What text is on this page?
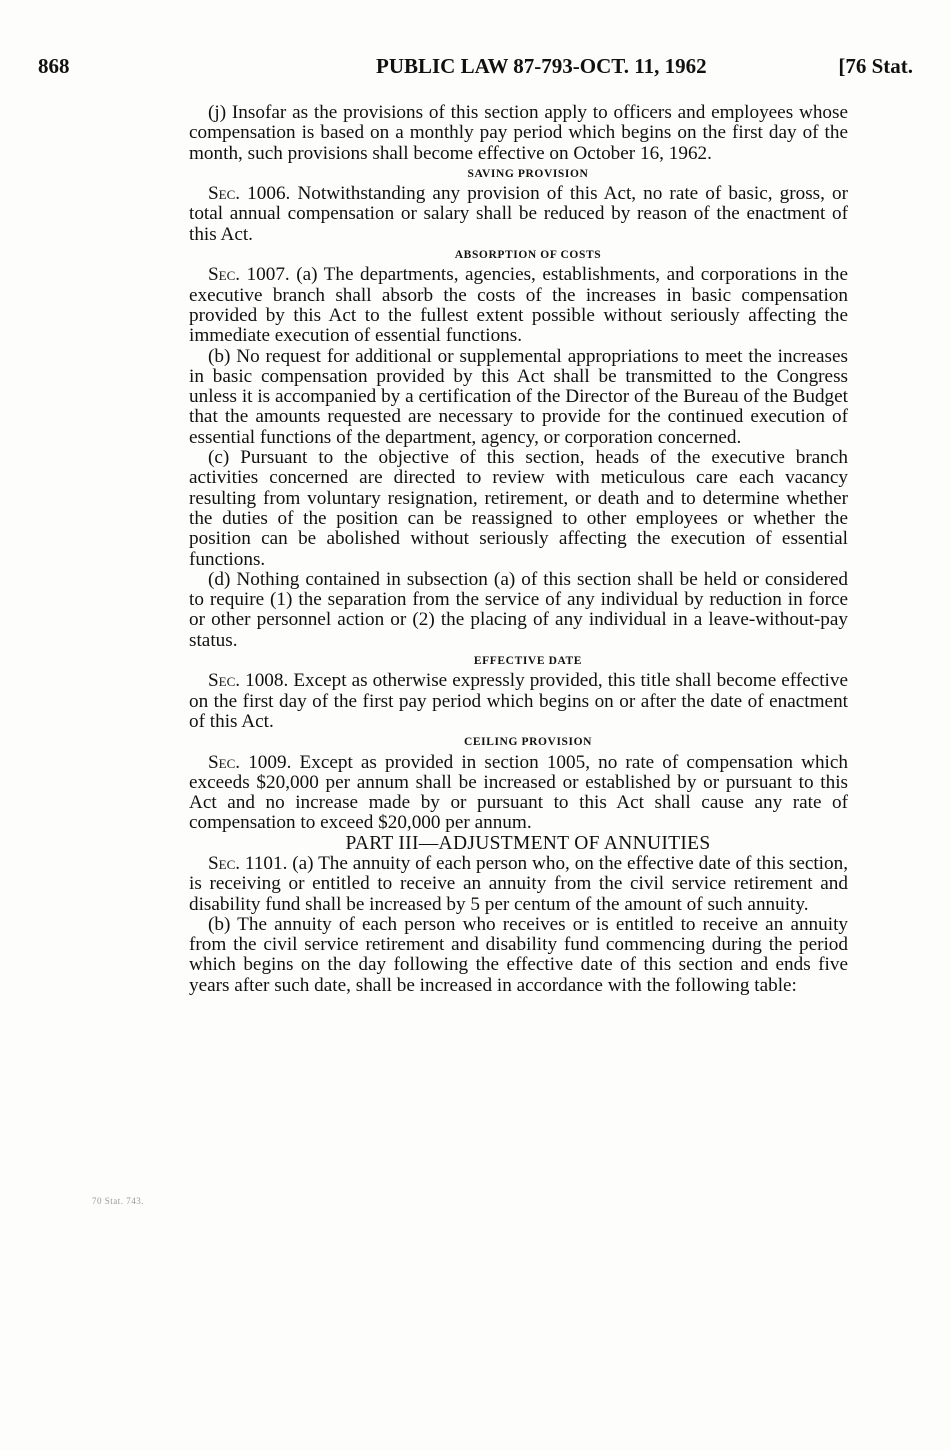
868	PUBLIC LAW 87-793-OCT. 11, 1962	[76 Stat.
70 Stat. 743.

(j) Insofar as the provisions of this section apply to officers and employees whose compensation is based on a monthly pay period which begins on the first day of the month, such provisions shall become effective on October 16, 1962.

SAVING PROVISION

Sec. 1006. Notwithstanding any provision of this Act, no rate of basic, gross, or total annual compensation or salary shall be reduced by reason of the enactment of this Act.

ABSORPTION OF COSTS

Sec. 1007. (a) The departments, agencies, establishments, and corporations in the executive branch shall absorb the costs of the increases in basic compensation provided by this Act to the fullest extent possible without seriously affecting the immediate execution of essential functions.

(b) No request for additional or supplemental appropriations to meet the increases in basic compensation provided by this Act shall be transmitted to the Congress unless it is accompanied by a certification of the Director of the Bureau of the Budget that the amounts requested are necessary to provide for the continued execution of essential functions of the department, agency, or corporation concerned.

(c) Pursuant to the objective of this section, heads of the executive branch activities concerned are directed to review with meticulous care each vacancy resulting from voluntary resignation, retirement, or death and to determine whether the duties of the position can be reassigned to other employees or whether the position can be abolished without seriously affecting the execution of essential functions.

(d) Nothing contained in subsection (a) of this section shall be held or considered to require (1) the separation from the service of any individual by reduction in force or other personnel action or (2) the placing of any individual in a leave-without-pay status.

EFFECTIVE DATE

Sec. 1008. Except as otherwise expressly provided, this title shall become effective on the first day of the first pay period which begins on or after the date of enactment of this Act.

CEILING PROVISION

Sec. 1009. Except as provided in section 1005, no rate of compensation which exceeds $20,000 per annum shall be increased or established by or pursuant to this Act and no increase made by or pursuant to this Act shall cause any rate of compensation to exceed $20,000 per annum.

PART III—ADJUSTMENT OF ANNUITIES

Sec. 1101. (a) The annuity of each person who, on the effective date of this section, is receiving or entitled to receive an annuity from the civil service retirement and disability fund shall be increased by 5 per centum of the amount of such annuity.

(b) The annuity of each person who receives or is entitled to receive an annuity from the civil service retirement and disability fund commencing during the period which begins on the day following the effective date of this section and ends five years after such date, shall be increased in accordance with the following table:
